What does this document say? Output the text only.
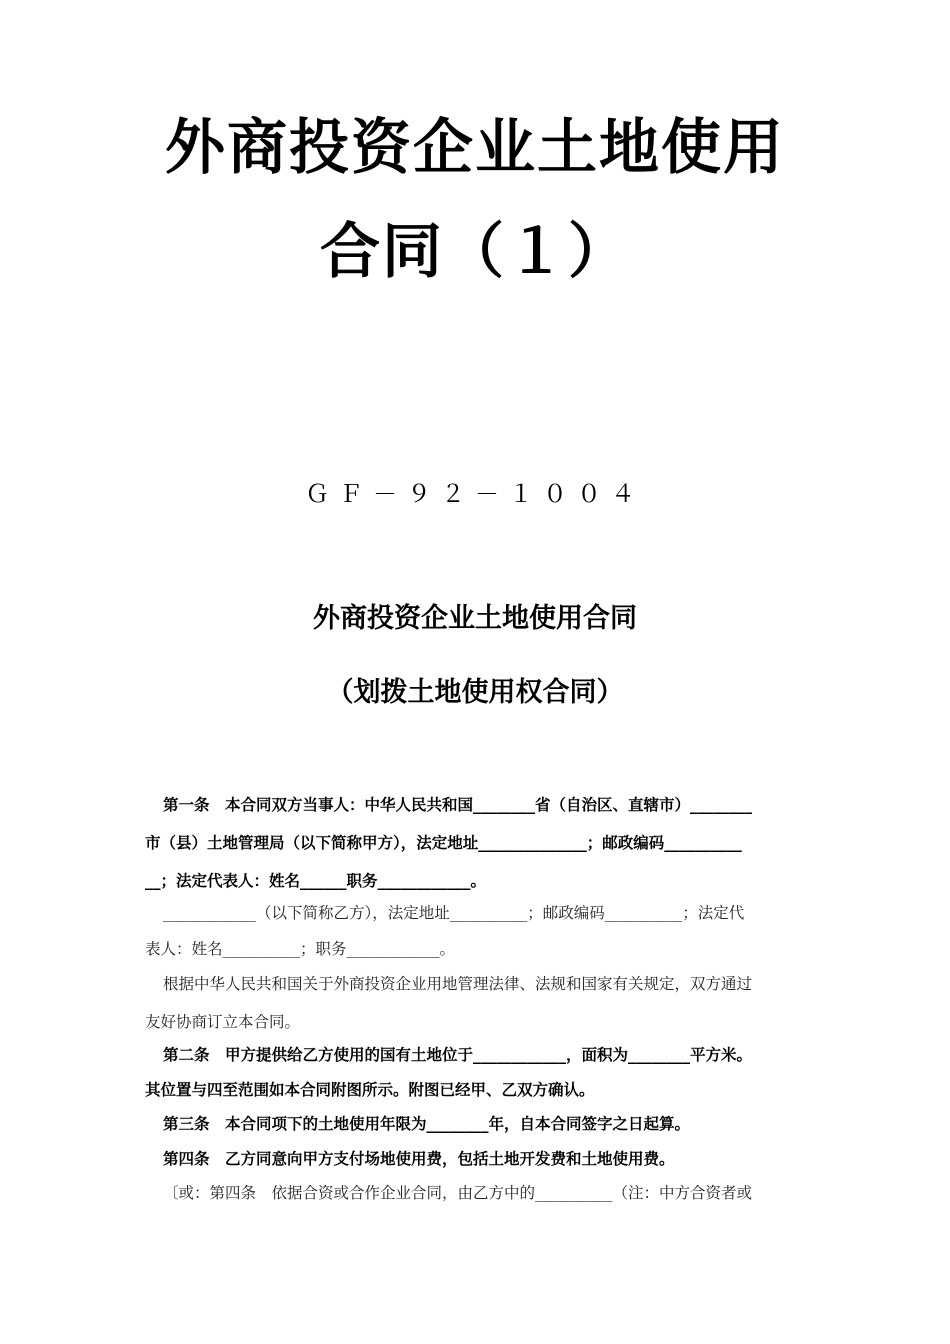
外商投资企业土地使用
合同（１）
ＧＦ－９２－１００４
外商投资企业土地使用合同
（划拨土地使用权合同）
第一条　本合同双方当事人：中华人民共和国________省（自治区、直辖市）________
市（县）土地管理局（以下简称甲方），法定地址______________；邮政编码__________
__；法定代表人：姓名______职务____________。
____________（以下简称乙方），法定地址__________；邮政编码__________；法定代
表人：姓名__________；职务____________。
根据中华人民共和国关于外商投资企业用地管理法律、法规和国家有关规定，双方通过
友好协商订立本合同。
第二条　甲方提供给乙方使用的国有土地位于____________，面积为________平方米。
其位置与四至范围如本合同附图所示。附图已经甲、乙双方确认。
第三条　本合同项下的土地使用年限为________年，自本合同签字之日起算。
第四条　乙方同意向甲方支付场地使用费，包括土地开发费和土地使用费。
〔或：第四条　依据合资或合作企业合同，由乙方中的__________（注：中方合资者或
